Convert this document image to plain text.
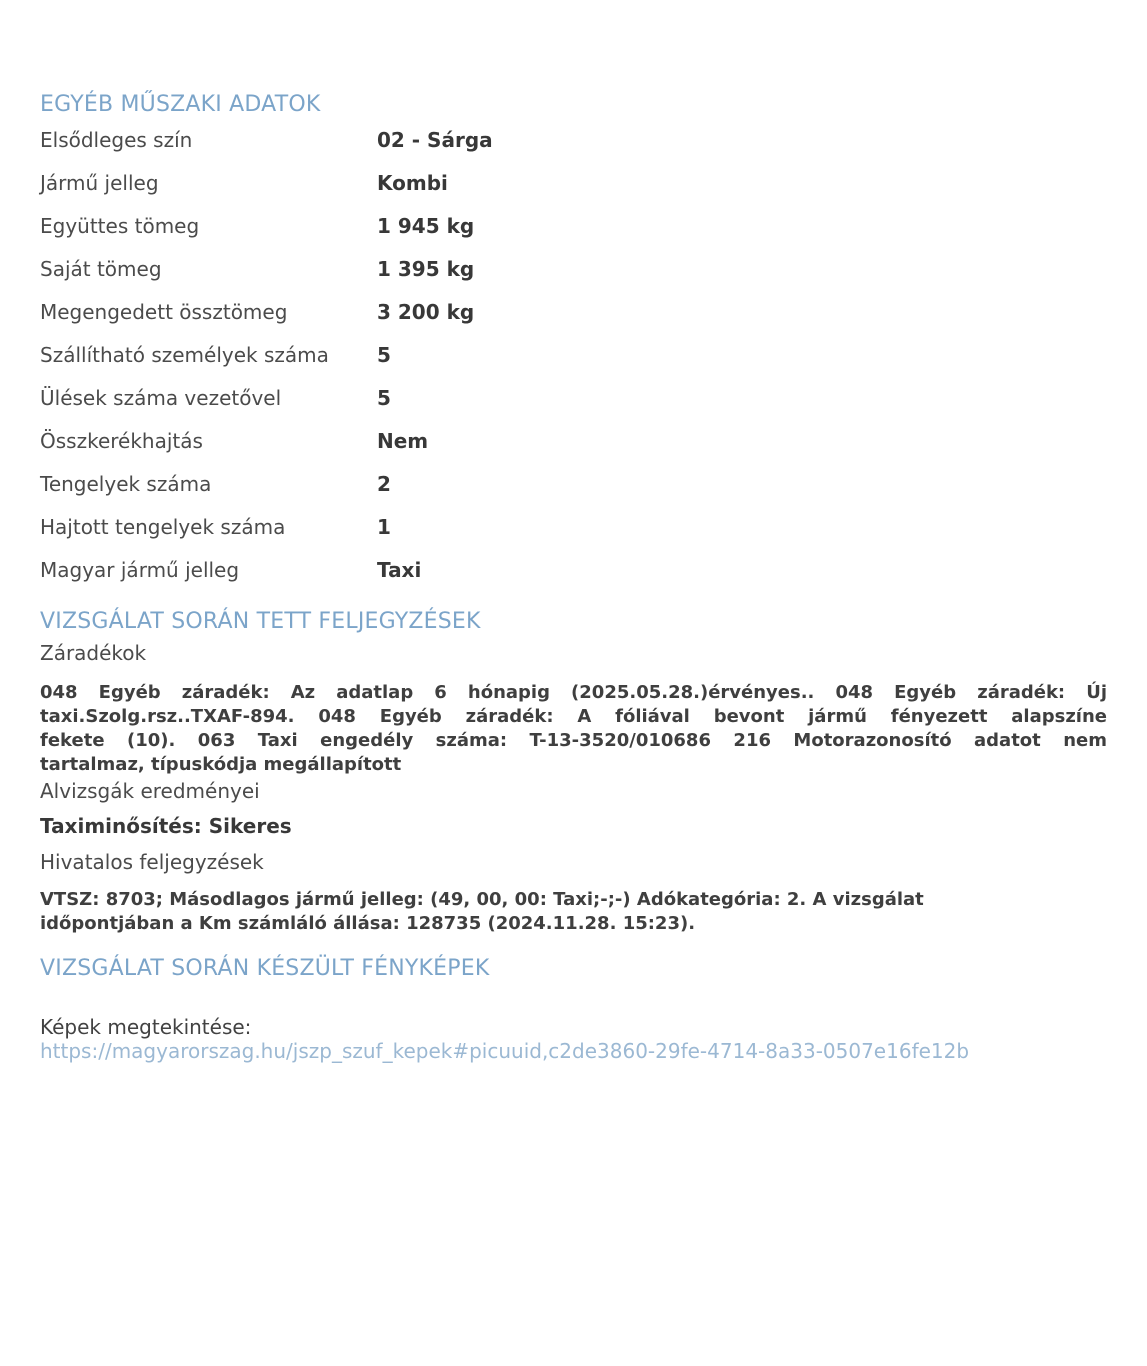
EGYÉB MŰSZAKI ADATOK
Elsődleges szín	02 - Sárga
Jármű jelleg	Kombi
Együttes tömeg	1 945 kg
Saját tömeg	1 395 kg
Megengedett össztömeg	3 200 kg
Szállítható személyek száma	5
Ülések száma vezetővel	5
Összkerékhajtás	Nem
Tengelyek száma	2
Hajtott tengelyek száma	1
Magyar jármű jelleg	Taxi
VIZSGÁLAT SORÁN TETT FELJEGYZÉSEK
Záradékok
048 Egyéb záradék: Az adatlap 6 hónapig (2025.05.28.)érvényes.. 048 Egyéb záradék: Új
taxi.Szolg.rsz..TXAF-894. 048 Egyéb záradék: A fóliával bevont jármű fényezett alapszíne
fekete (10). 063 Taxi engedély száma: T-13-3520/010686 216 Motorazonosító adatot nem
tartalmaz, típuskódja megállapított
Alvizsgák eredményei
Taximinősítés: Sikeres
Hivatalos feljegyzések
VTSZ: 8703; Másodlagos jármű jelleg: (49, 00, 00: Taxi;-;-) Adókategória: 2. A vizsgálat
időpontjában a Km számláló állása: 128735 (2024.11.28. 15:23).
VIZSGÁLAT SORÁN KÉSZÜLT FÉNYKÉPEK
Képek megtekintése:
https://magyarorszag.hu/jszp_szuf_kepek#picuuid,c2de3860-29fe-4714-8a33-0507e16fe12b
